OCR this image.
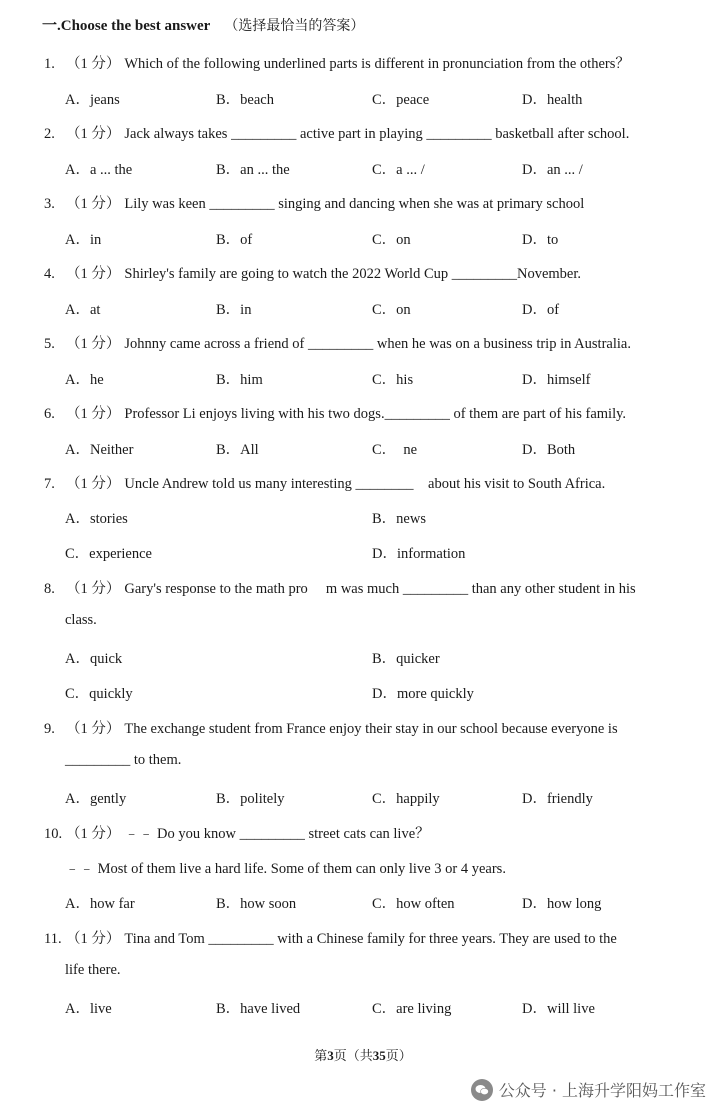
一.Choose the best answer （选择最恰当的答案）
1. （1 分） Which of the following underlined parts is different in pronunciation from the others？
A．jeans	B．beach	C．peace	D．health
2. （1 分） Jack always takes _________ active part in playing _________ basketball after school.
A．a ... the	B．an ... the	C．a ... /	D．an ... /
3. （1 分） Lily was keen _________ singing and dancing when she was at primary school
A．in	B．of	C．on	D．to
4. （1 分） Shirley's family are going to watch the 2022 World Cup _________November.
A．at	B．in	C．on	D．of
5. （1 分） Johnny came across a friend of _________ when he was on a business trip in Australia.
A．he	B．him	C．his	D．himself
6. （1 分） Professor Li enjoys living with his two dogs._________ of them are part of his family.
A．Neither	B．All	C．　ne	D．Both
7. （1 分） Uncle Andrew told us many interesting ________　about his visit to South Africa.
A．stories	B．news
C．experience	D．information
8. （1 分） Gary's response to the math pro　 m was much _________ than any other student in his
class.
A．quick	B．quicker
C．quickly	D．more quickly
9. （1 分） The exchange student from France enjoy their stay in our school because everyone is
_________ to them.
A．gently	B．politely	C．happily	D．friendly
10. （1 分） ﹣﹣ Do you know _________ street cats can live？
﹣﹣ Most of them live a hard life. Some of them can only live 3 or 4 years.
A．how far	B．how soon	C．how often	D．how long
11. （1 分） Tina and Tom _________ with a Chinese family for three years. They are used to the
life there.
A．live	B．have lived	C．are living	D．will live
第3页（共35页）
公众号 · 上海升学阳妈工作室
